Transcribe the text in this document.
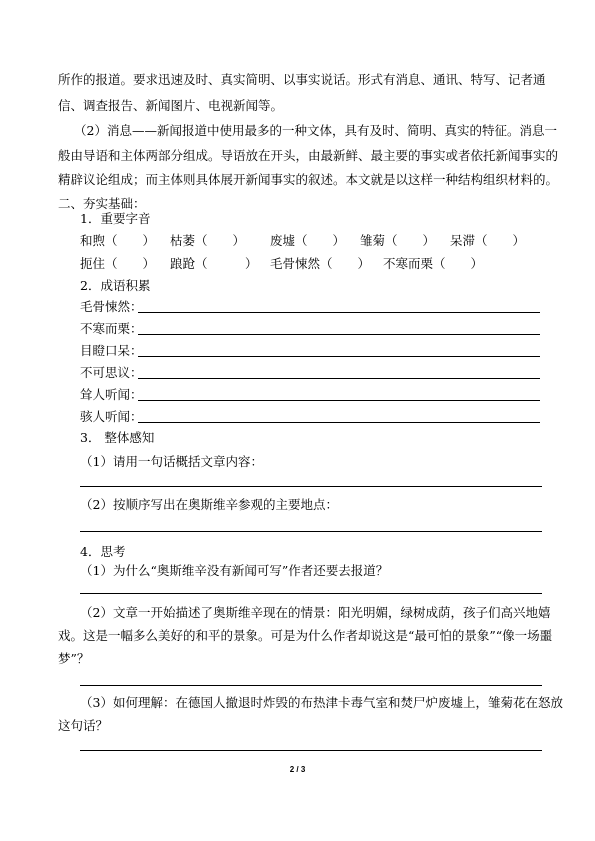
所作的报道。要求迅速及时、真实简明、以事实说话。形式有消息、通讯、特写、记者通
信、调查报告、新闻图片、电视新闻等。
（2）消息——新闻报道中使用最多的一种文体，具有及时、简明、真实的特征。消息一
般由导语和主体两部分组成。导语放在开头，由最新鲜、最主要的事实或者依托新闻事实的
精辟议论组成；而主体则具体展开新闻事实的叙述。本文就是以这样一种结构组织材料的。
二、夯实基础：
1．重要字音
和煦（　　） 枯萎（　　） 废墟（　　） 雏菊（　　） 呆滞（　　）
扼住（　　） 踉跄（　　　） 毛骨悚然（　　） 不寒而栗（　　）
2．成语积累
毛骨悚然：
不寒而栗：
目瞪口呆：
不可思议：
耸人听闻：
骇人听闻：
3． 整体感知
（1）请用一句话概括文章内容：
（2）按顺序写出在奥斯维辛参观的主要地点：
4．思考
（1）为什么“奥斯维辛没有新闻可写”作者还要去报道？
（2）文章一开始描述了奥斯维辛现在的情景：阳光明媚，绿树成荫，孩子们高兴地嬉
戏。这是一幅多么美好的和平的景象。可是为什么作者却说这是“最可怕的景象”“像一场噩
梦”？
（3）如何理解：在德国人撤退时炸毁的布热津卡毒气室和焚尸炉废墟上，雏菊花在怒放
这句话？
2 / 3
